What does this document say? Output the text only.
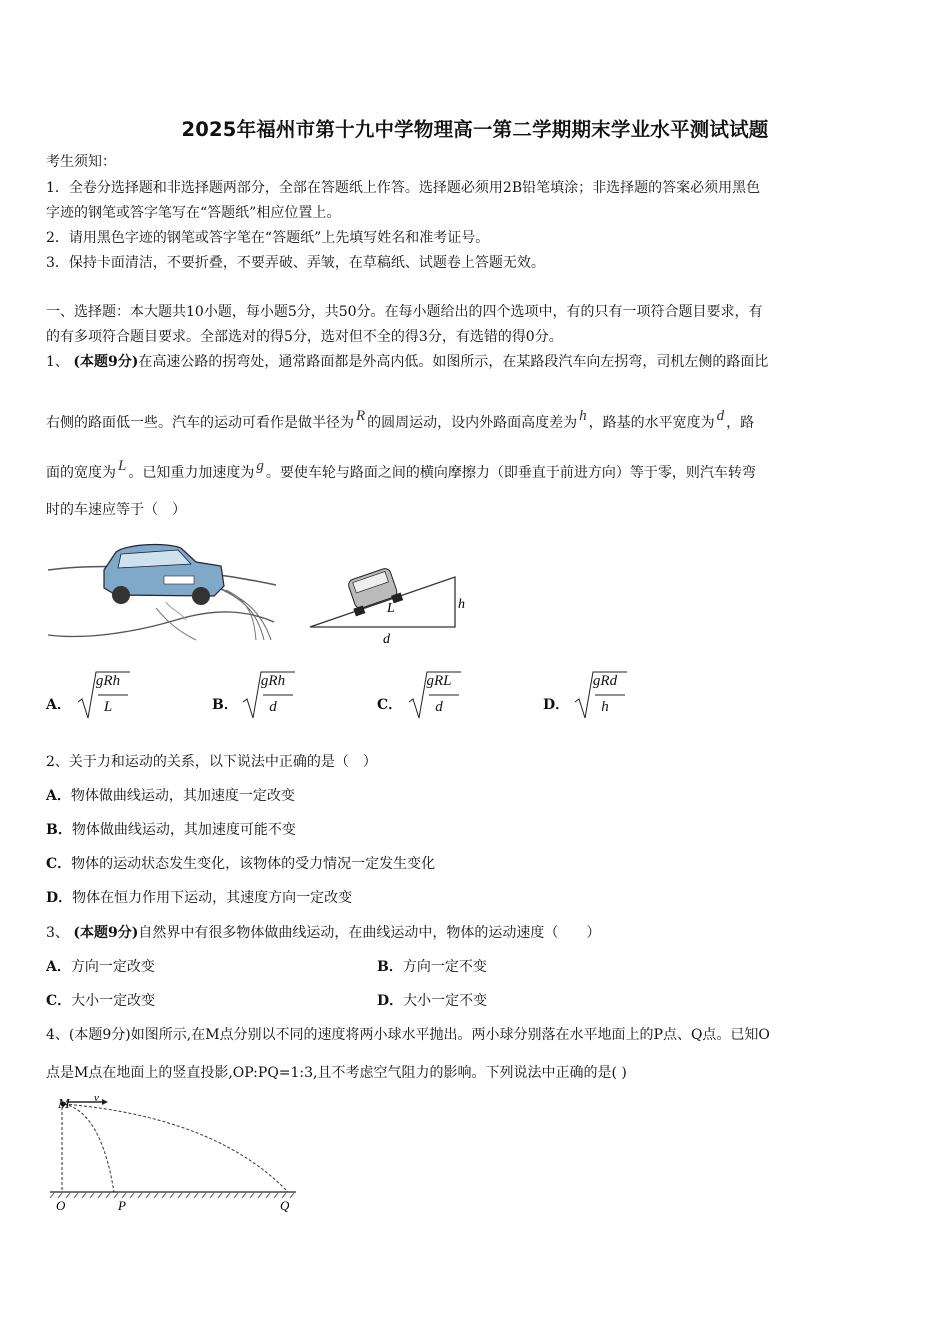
2025年福州市第十九中学物理高一第二学期期末学业水平测试试题
考生须知：
1．全卷分选择题和非选择题两部分，全部在答题纸上作答。选择题必须用2B铅笔填涂；非选择题的答案必须用黑色
字迹的钢笔或答字笔写在“答题纸”相应位置上。
2．请用黑色字迹的钢笔或答字笔在“答题纸”上先填写姓名和准考证号。
3．保持卡面清洁，不要折叠，不要弄破、弄皱，在草稿纸、试题卷上答题无效。
一、选择题：本大题共10小题，每小题5分，共50分。在每小题给出的四个选项中，有的只有一项符合题目要求，有
的有多项符合题目要求。全部选对的得5分，选对但不全的得3分，有选错的得0分。
1、 (本题9分)在高速公路的拐弯处，通常路面都是外高内低。如图所示，在某路段汽车向左拐弯，司机左侧的路面比
右侧的路面低一些。汽车的运动可看作是做半径为 R 的圆周运动，设内外路面高度差为 h ，路基的水平宽度为 d ，路
面的宽度为 L 。已知重力加速度为 g 。要使车轮与路面之间的横向摩擦力（即垂直于前进方向）等于零，则汽车转弯
时的车速应等于（　）
L	h
d
A．
gRh
L	B．
gRh
d	C．
gRL
d	D．
gRd
h
2、关于力和运动的关系，以下说法中正确的是（　）
A．物体做曲线运动，其加速度一定改变
B．物体做曲线运动，其加速度可能不变
C．物体的运动状态发生变化，该物体的受力情况一定发生变化
D．物体在恒力作用下运动，其速度方向一定改变
3、 (本题9分)自然界中有很多物体做曲线运动，在曲线运动中，物体的运动速度（　　）
A．方向一定改变	B．方向一定不变
C．大小一定改变	D．大小一定不变
4、(本题9分)如图所示,在M点分别以不同的速度将两小球水平抛出。两小球分别落在水平地面上的P点、Q点。已知O
点是M点在地面上的竖直投影,OP:PQ=1:3,且不考虑空气阻力的影响。下列说法中正确的是( )
M v
O	P	Q
